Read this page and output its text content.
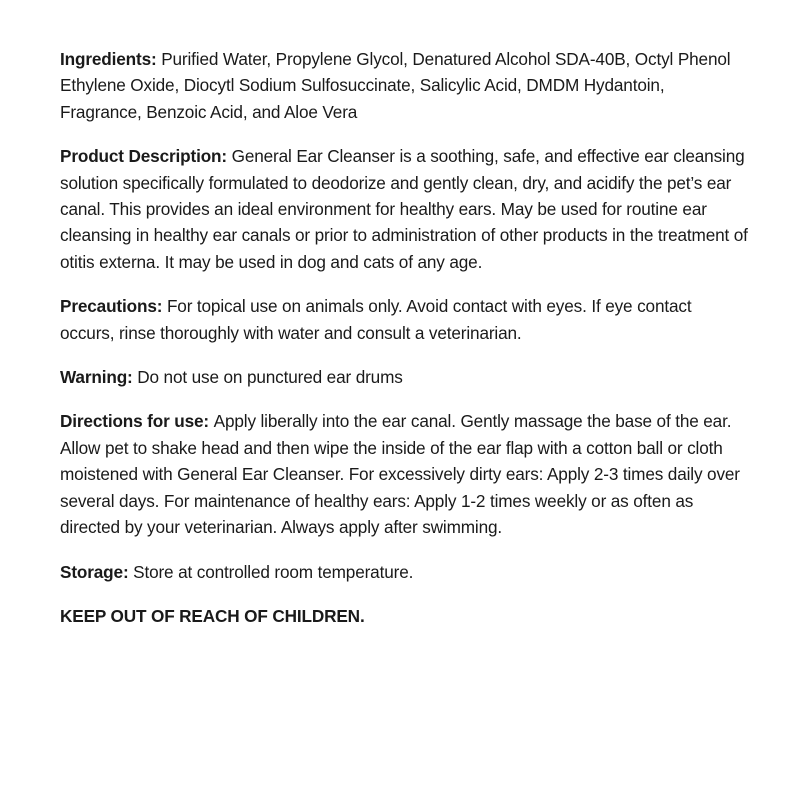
Ingredients: Purified Water, Propylene Glycol, Denatured Alcohol SDA-40B, Octyl Phenol Ethylene Oxide, Diocytl Sodium Sulfosuccinate, Salicylic Acid, DMDM Hydantoin, Fragrance, Benzoic Acid, and Aloe Vera

Product Description: General Ear Cleanser is a soothing, safe, and effective ear cleansing solution specifically formulated to deodorize and gently clean, dry, and acidify the pet’s ear canal. This provides an ideal environment for healthy ears. May be used for routine ear cleansing in healthy ear canals or prior to administration of other products in the treatment of otitis externa. It may be used in dog and cats of any age.

Precautions: For topical use on animals only. Avoid contact with eyes. If eye contact occurs, rinse thoroughly with water and consult a veterinarian.

Warning: Do not use on punctured ear drums

Directions for use: Apply liberally into the ear canal. Gently massage the base of the ear. Allow pet to shake head and then wipe the inside of the ear flap with a cotton ball or cloth moistened with General Ear Cleanser. For excessively dirty ears: Apply 2-3 times daily over several days. For maintenance of healthy ears: Apply 1-2 times weekly or as often as directed by your veterinarian. Always apply after swimming.

Storage: Store at controlled room temperature.

KEEP OUT OF REACH OF CHILDREN.
